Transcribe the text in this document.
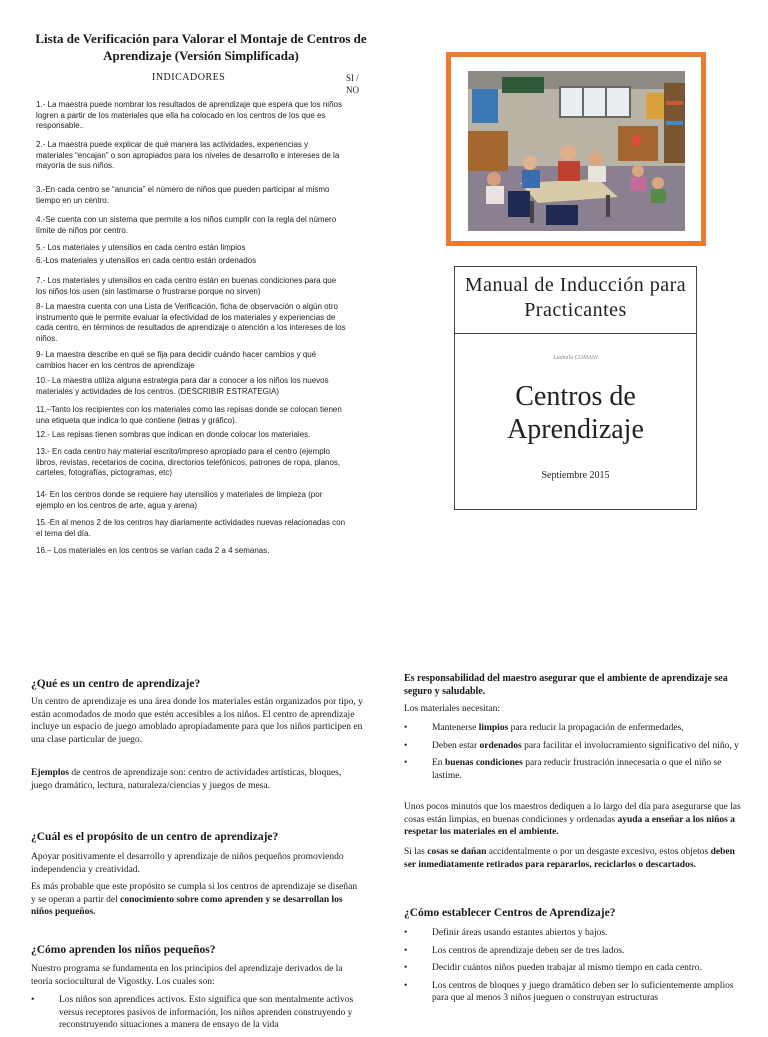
Lista de Verificación para Valorar el Montaje de Centros de Aprendizaje (Versión Simplificada)
INDICADORES	SI / NO
1.- La maestra puede nombrar los resultados de aprendizaje que espera que los niños logren a partir de los materiales que ella ha colocado en los centros de los que es responsable..
2.- La maestra puede explicar de qué manera las actividades, experiencias y materiales “encajan” o son apropiados para los niveles de desarrollo e intereses de la mayoría de sus niños.
3.-En cada centro se “anuncia” el número de niños que pueden participar al mismo tiempo en un centro.
4.-Se cuenta con un sistema que permite a los niños cumplir con la regla del número límite de niños por centro.
5.- Los materiales y utensilios en cada centro están limpios
6.-Los materiales y utensilios en cada centro están ordenados
7.- Los materiales y utensilios en cada centro están en buenas condiciones para que los niños los usen (sin lastimarse o frustrarse porque no sirven)
8- La maestra cuenta con una Lista de Verificación, ficha de observación o algún otro instrumento que le permite evaluar la efectividad de los materiales y experiencias de cada centro, en términos de resultados de aprendizaje o atención a los intereses de los niños.
9- La maestra describe en qué se fija para decidir cuándo hacer cambios y qué cambios hacer en los centros de aprendizaje
10.- La maestra utiliza alguna estrategia para dar a conocer a los niños los nuevos materiales y actividades de los centros. (DESCRIBIR ESTRATEGIA)
11.–Tanto los recipientes con los materiales como las repisas donde se colocan tienen una etiqueta que indica lo que contiene (letras y gráfico).
12.- Las repisas tienen sombras que indican en donde colocar los materiales.
13.- En cada centro hay material escrito/impreso apropiado para el centro (ejemplo libros, revistas, recetarios de cocina, directorios telefónicos, patrones de ropa, planos, carteles, fotografías, pictogramas, etc)
14- En los centros donde se requiere hay utensilios y materiales de limpieza (por ejemplo en los centros de arte, agua y arena)
15.-En al menos 2 de los centros hay diariamente actividades nuevas relacionadas con el tema del día.
16.– Los materiales en los centros se varían cada 2 a 4 semanas.
Manual de Inducción para Practicantes
Ludmila COMANI
Centros de Aprendizaje
Septiembre 2015
¿Qué es un centro de aprendizaje?
Un centro de aprendizaje es una área donde los materiales están organizados por tipo, y están acomodados de modo que estén accesibles a los niños. El centro de aprendizaje incluye un espacio de juego amoblado apropiadamente para que los niños participen en una clase particular de juego.
Ejemplos de centros de aprendizaje son: centro de actividades artísticas, bloques, juego dramático, lectura, naturaleza/ciencias y juegos de mesa.
¿Cuál es el propósito de un centro de aprendizaje?
Apoyar positivamente el desarrollo y aprendizaje de niños pequeños promoviendo independencia y creatividad.
Es más probable que este propósito se cumpla si los centros de aprendizaje se diseñan y se operan a partir del conocimiento sobre como aprenden y se desarrollan los niños pequeños.
¿Cómo aprenden los niños pequeños?
Nuestro programa se fundamenta en los principios del aprendizaje derivados de la teoría sociocultural de Vigostky. Los cuales son:
• Los niños son aprendices activos. Esto significa que son mentalmente activos versus receptores pasivos de información, los niños aprenden construyendo y reconstruyendo situaciones a manera de ensayo de la vida
Es responsabilidad del maestro asegurar que el ambiente de aprendizaje sea seguro y saludable.
Los materiales necesitan:
• Mantenerse limpios para reducir la propagación de enfermedades,
• Deben estar ordenados para facilitar el involucramiento significativo del niño, y
• En buenas condiciones para reducir frustración innecesaria o que el niño se lastime.
Unos pocos minutos que los maestros dediquen a lo largo del día para asegurarse que las cosas están limpias, en buenas condiciones y ordenadas ayuda a enseñar a los niños a respetar los materiales en el ambiente.
Si las cosas se dañan accidentalmente o por un desgaste excesivo, estos objetos deben ser inmediatamente retirados para repararlos, reciclarlos o descartados.
¿Cómo establecer Centros de Aprendizaje?
• Definir áreas usando estantes abiertos y bajos.
• Los centros de aprendizaje deben ser de tres lados.
• Decidir cuántos niños pueden trabajar al mismo tiempo en cada centro.
• Los centros de bloques y juego dramático deben ser lo suficientemente amplios para que al menos 3 niños jueguen o construyan estructuras
